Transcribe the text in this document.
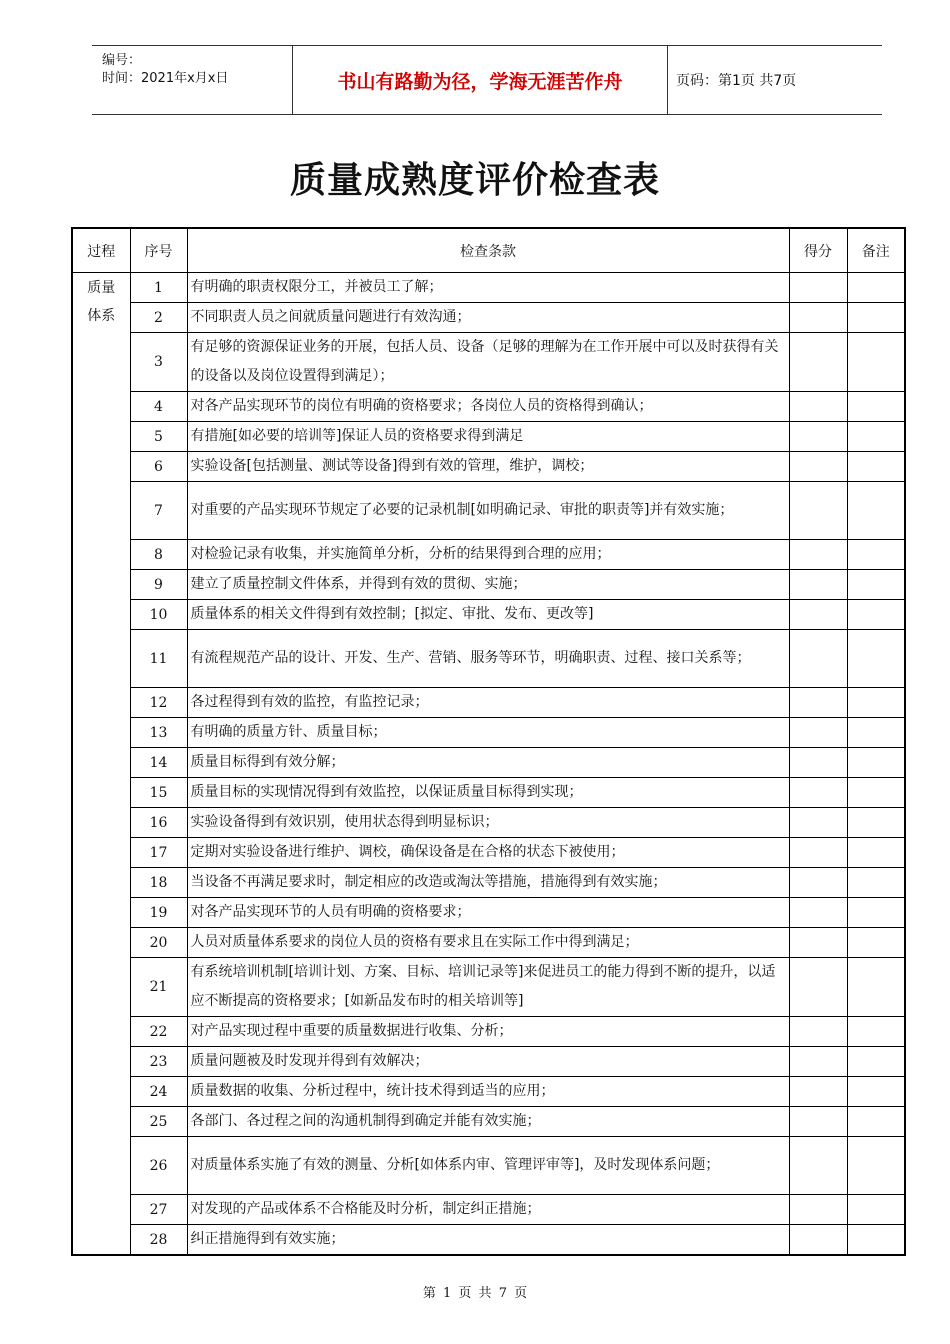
编号：
时间：2021年x月x日	书山有路勤为径，学海无涯苦作舟	页码：第1页 共7页
质量成熟度评价检查表
过程	序号	检查条款	得分	备注

质量
体系	1	有明确的职责权限分工，并被员工了解；		
	2	不同职责人员之间就质量问题进行有效沟通；		
	3	有足够的资源保证业务的开展，包括人员、设备（足够的理解为在工作开展中可以及时获得有关的设备以及岗位设置得到满足）；		
	4	对各产品实现环节的岗位有明确的资格要求；各岗位人员的资格得到确认；		
	5	有措施[如必要的培训等]保证人员的资格要求得到满足		
	6	实验设备[包括测量、测试等设备]得到有效的管理，维护，调校；		
	7	对重要的产品实现环节规定了必要的记录机制[如明确记录、审批的职责等]并有效实施；		
	8	对检验记录有收集，并实施简单分析，分析的结果得到合理的应用；		
	9	建立了质量控制文件体系，并得到有效的贯彻、实施；		
	10	质量体系的相关文件得到有效控制；[拟定、审批、发布、更改等]		
	11	有流程规范产品的设计、开发、生产、营销、服务等环节，明确职责、过程、接口关系等；		
	12	各过程得到有效的监控，有监控记录；		
	13	有明确的质量方针、质量目标；		
	14	质量目标得到有效分解；		
	15	质量目标的实现情况得到有效监控，以保证质量目标得到实现；		
	16	实验设备得到有效识别，使用状态得到明显标识；		
	17	定期对实验设备进行维护、调校，确保设备是在合格的状态下被使用；		
	18	当设备不再满足要求时，制定相应的改造或淘汰等措施，措施得到有效实施；		
	19	对各产品实现环节的人员有明确的资格要求；		
	20	人员对质量体系要求的岗位人员的资格有要求且在实际工作中得到满足；		
	21	有系统培训机制[培训计划、方案、目标、培训记录等]来促进员工的能力得到不断的提升，以适应不断提高的资格要求；[如新品发布时的相关培训等]		
	22	对产品实现过程中重要的质量数据进行收集、分析；		
	23	质量问题被及时发现并得到有效解决；		
	24	质量数据的收集、分析过程中，统计技术得到适当的应用；		
	25	各部门、各过程之间的沟通机制得到确定并能有效实施；		
	26	对质量体系实施了有效的测量、分析[如体系内审、管理评审等]，及时发现体系问题；		
	27	对发现的产品或体系不合格能及时分析，制定纠正措施；		
	28	纠正措施得到有效实施；		
第 1 页 共 7 页
